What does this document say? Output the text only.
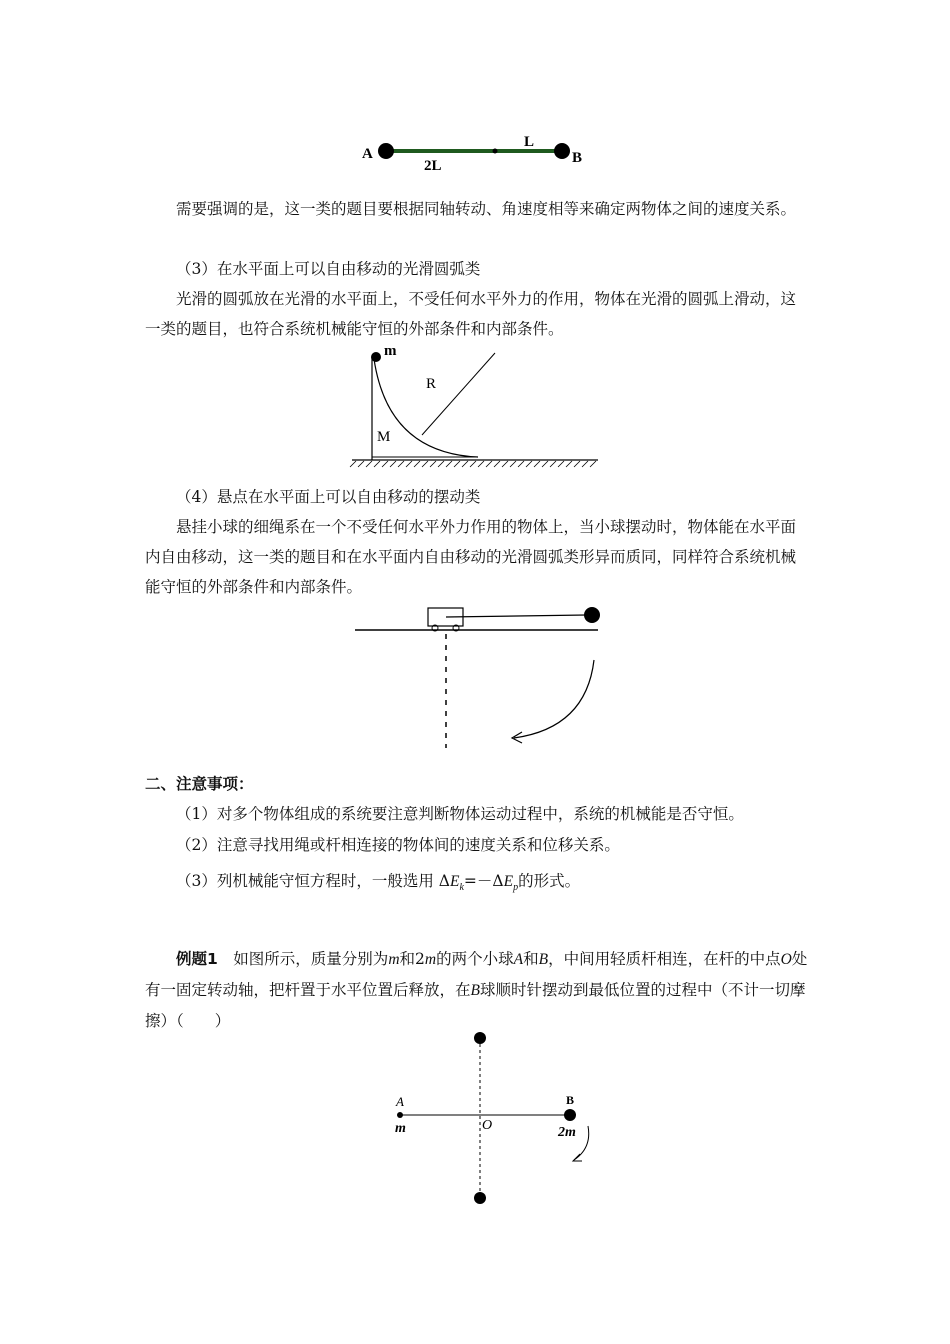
A	B
L
2L

需要强调的是，这一类的题目要根据同轴转动、角速度相等来确定两物体之间的速度关系。

（3）在水平面上可以自由移动的光滑圆弧类

光滑的圆弧放在光滑的水平面上，不受任何水平外力的作用，物体在光滑的圆弧上滑动，这一类的题目，也符合系统机械能守恒的外部条件和内部条件。

m
R
M

（4）悬点在水平面上可以自由移动的摆动类

悬挂小球的细绳系在一个不受任何水平外力作用的物体上，当小球摆动时，物体能在水平面内自由移动，这一类的题目和在水平面内自由移动的光滑圆弧类形异而质同，同样符合系统机械能守恒的外部条件和内部条件。

二、注意事项：

（1）对多个物体组成的系统要注意判断物体运动过程中，系统的机械能是否守恒。

（2）注意寻找用绳或杆相连接的物体间的速度关系和位移关系。

（3）列机械能守恒方程时，一般选用 $\Delta E_k=-\Delta E_p$的形式。

例题1　如图所示，质量分别为m和2m的两个小球A和B，中间用轻质杆相连，在杆的中点O处有一固定转动轴，把杆置于水平位置后释放，在B球顺时针摆动到最低位置的过程中（不计一切摩擦）（　　）

A
m	O
B
2m
